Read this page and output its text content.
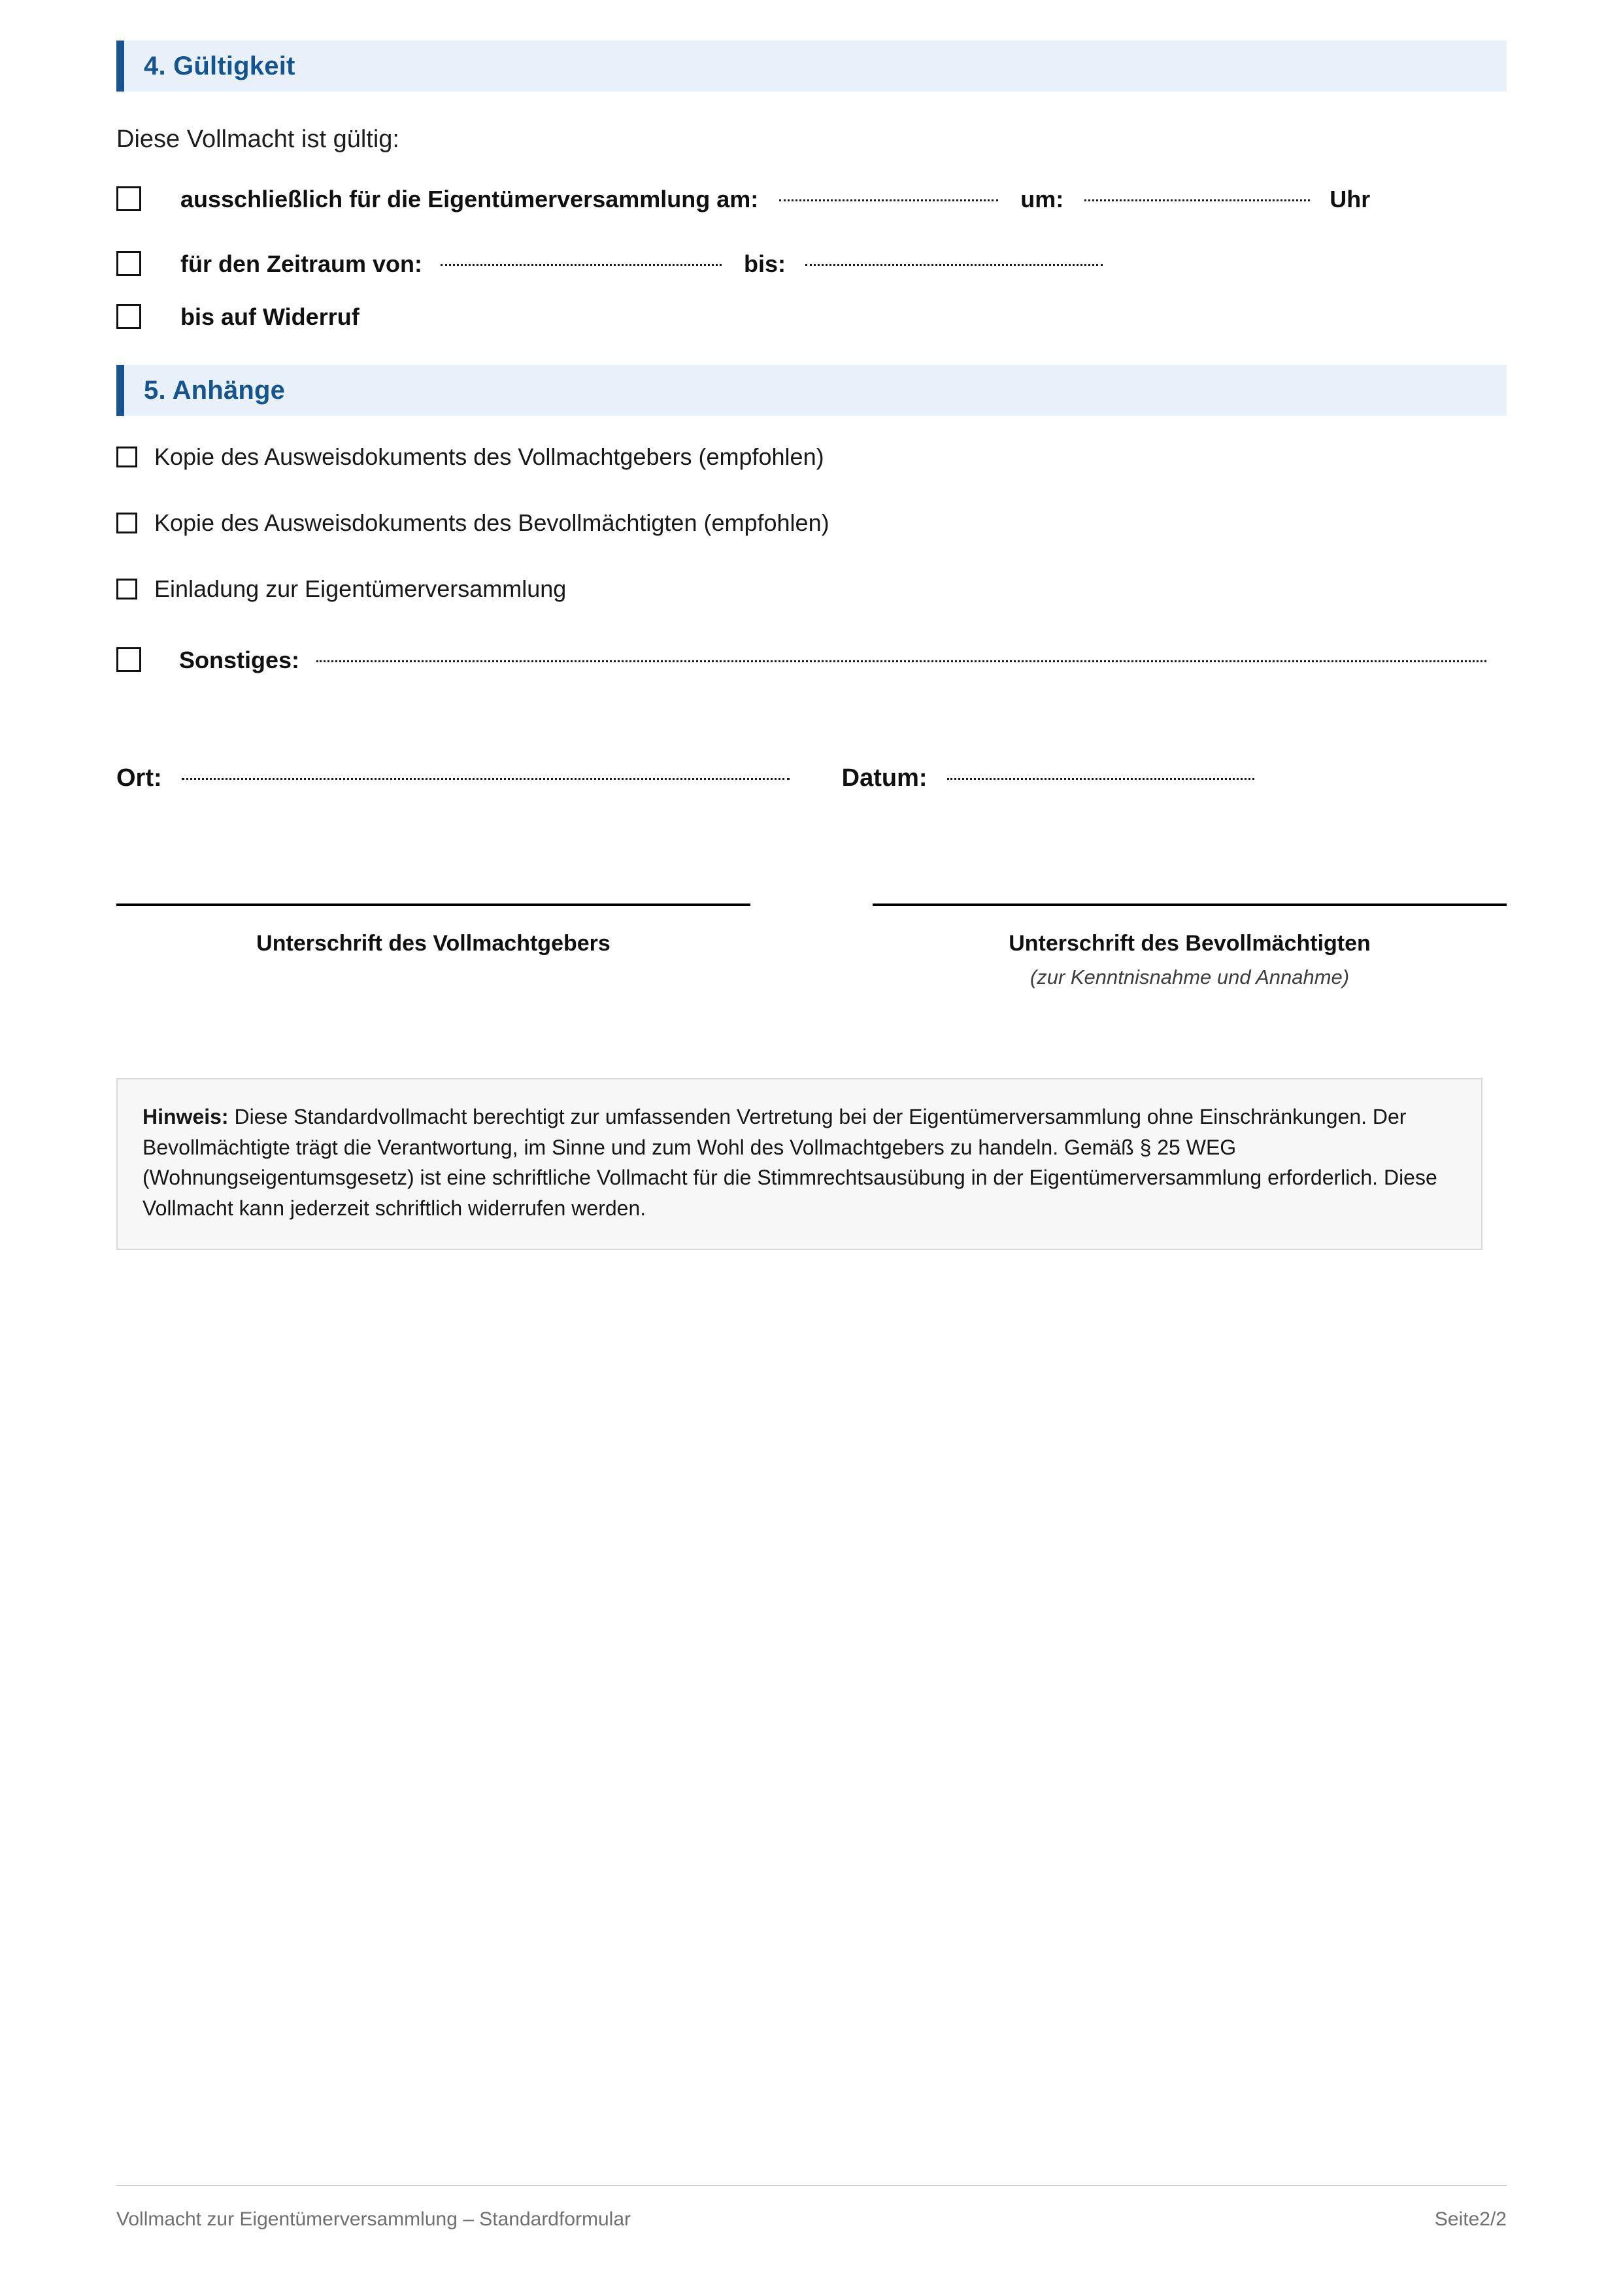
4. Gültigkeit
Diese Vollmacht ist gültig:
ausschließlich für die Eigentümerversammlung am:	um:	Uhr
für den Zeitraum von:	bis:
bis auf Widerruf
5. Anhänge
Kopie des Ausweisdokuments des Vollmachtgebers (empfohlen)
Kopie des Ausweisdokuments des Bevollmächtigten (empfohlen)
Einladung zur Eigentümerversammlung
Sonstiges:
Ort:	Datum:
Unterschrift des Vollmachtgebers	Unterschrift des Bevollmächtigten
(zur Kenntnisnahme und Annahme)

Hinweis: Diese Standardvollmacht berechtigt zur umfassenden Vertretung bei der Eigentümerversammlung ohne Einschränkungen. Der Bevollmächtigte trägt die Verantwortung, im Sinne und zum Wohl des Vollmachtgebers zu handeln. Gemäß § 25 WEG (Wohnungseigentumsgesetz) ist eine schriftliche Vollmacht für die Stimmrechtsausübung in der Eigentümerversammlung erforderlich. Diese Vollmacht kann jederzeit schriftlich widerrufen werden.

Vollmacht zur Eigentümerversammlung – Standardformular	Seite2/2
